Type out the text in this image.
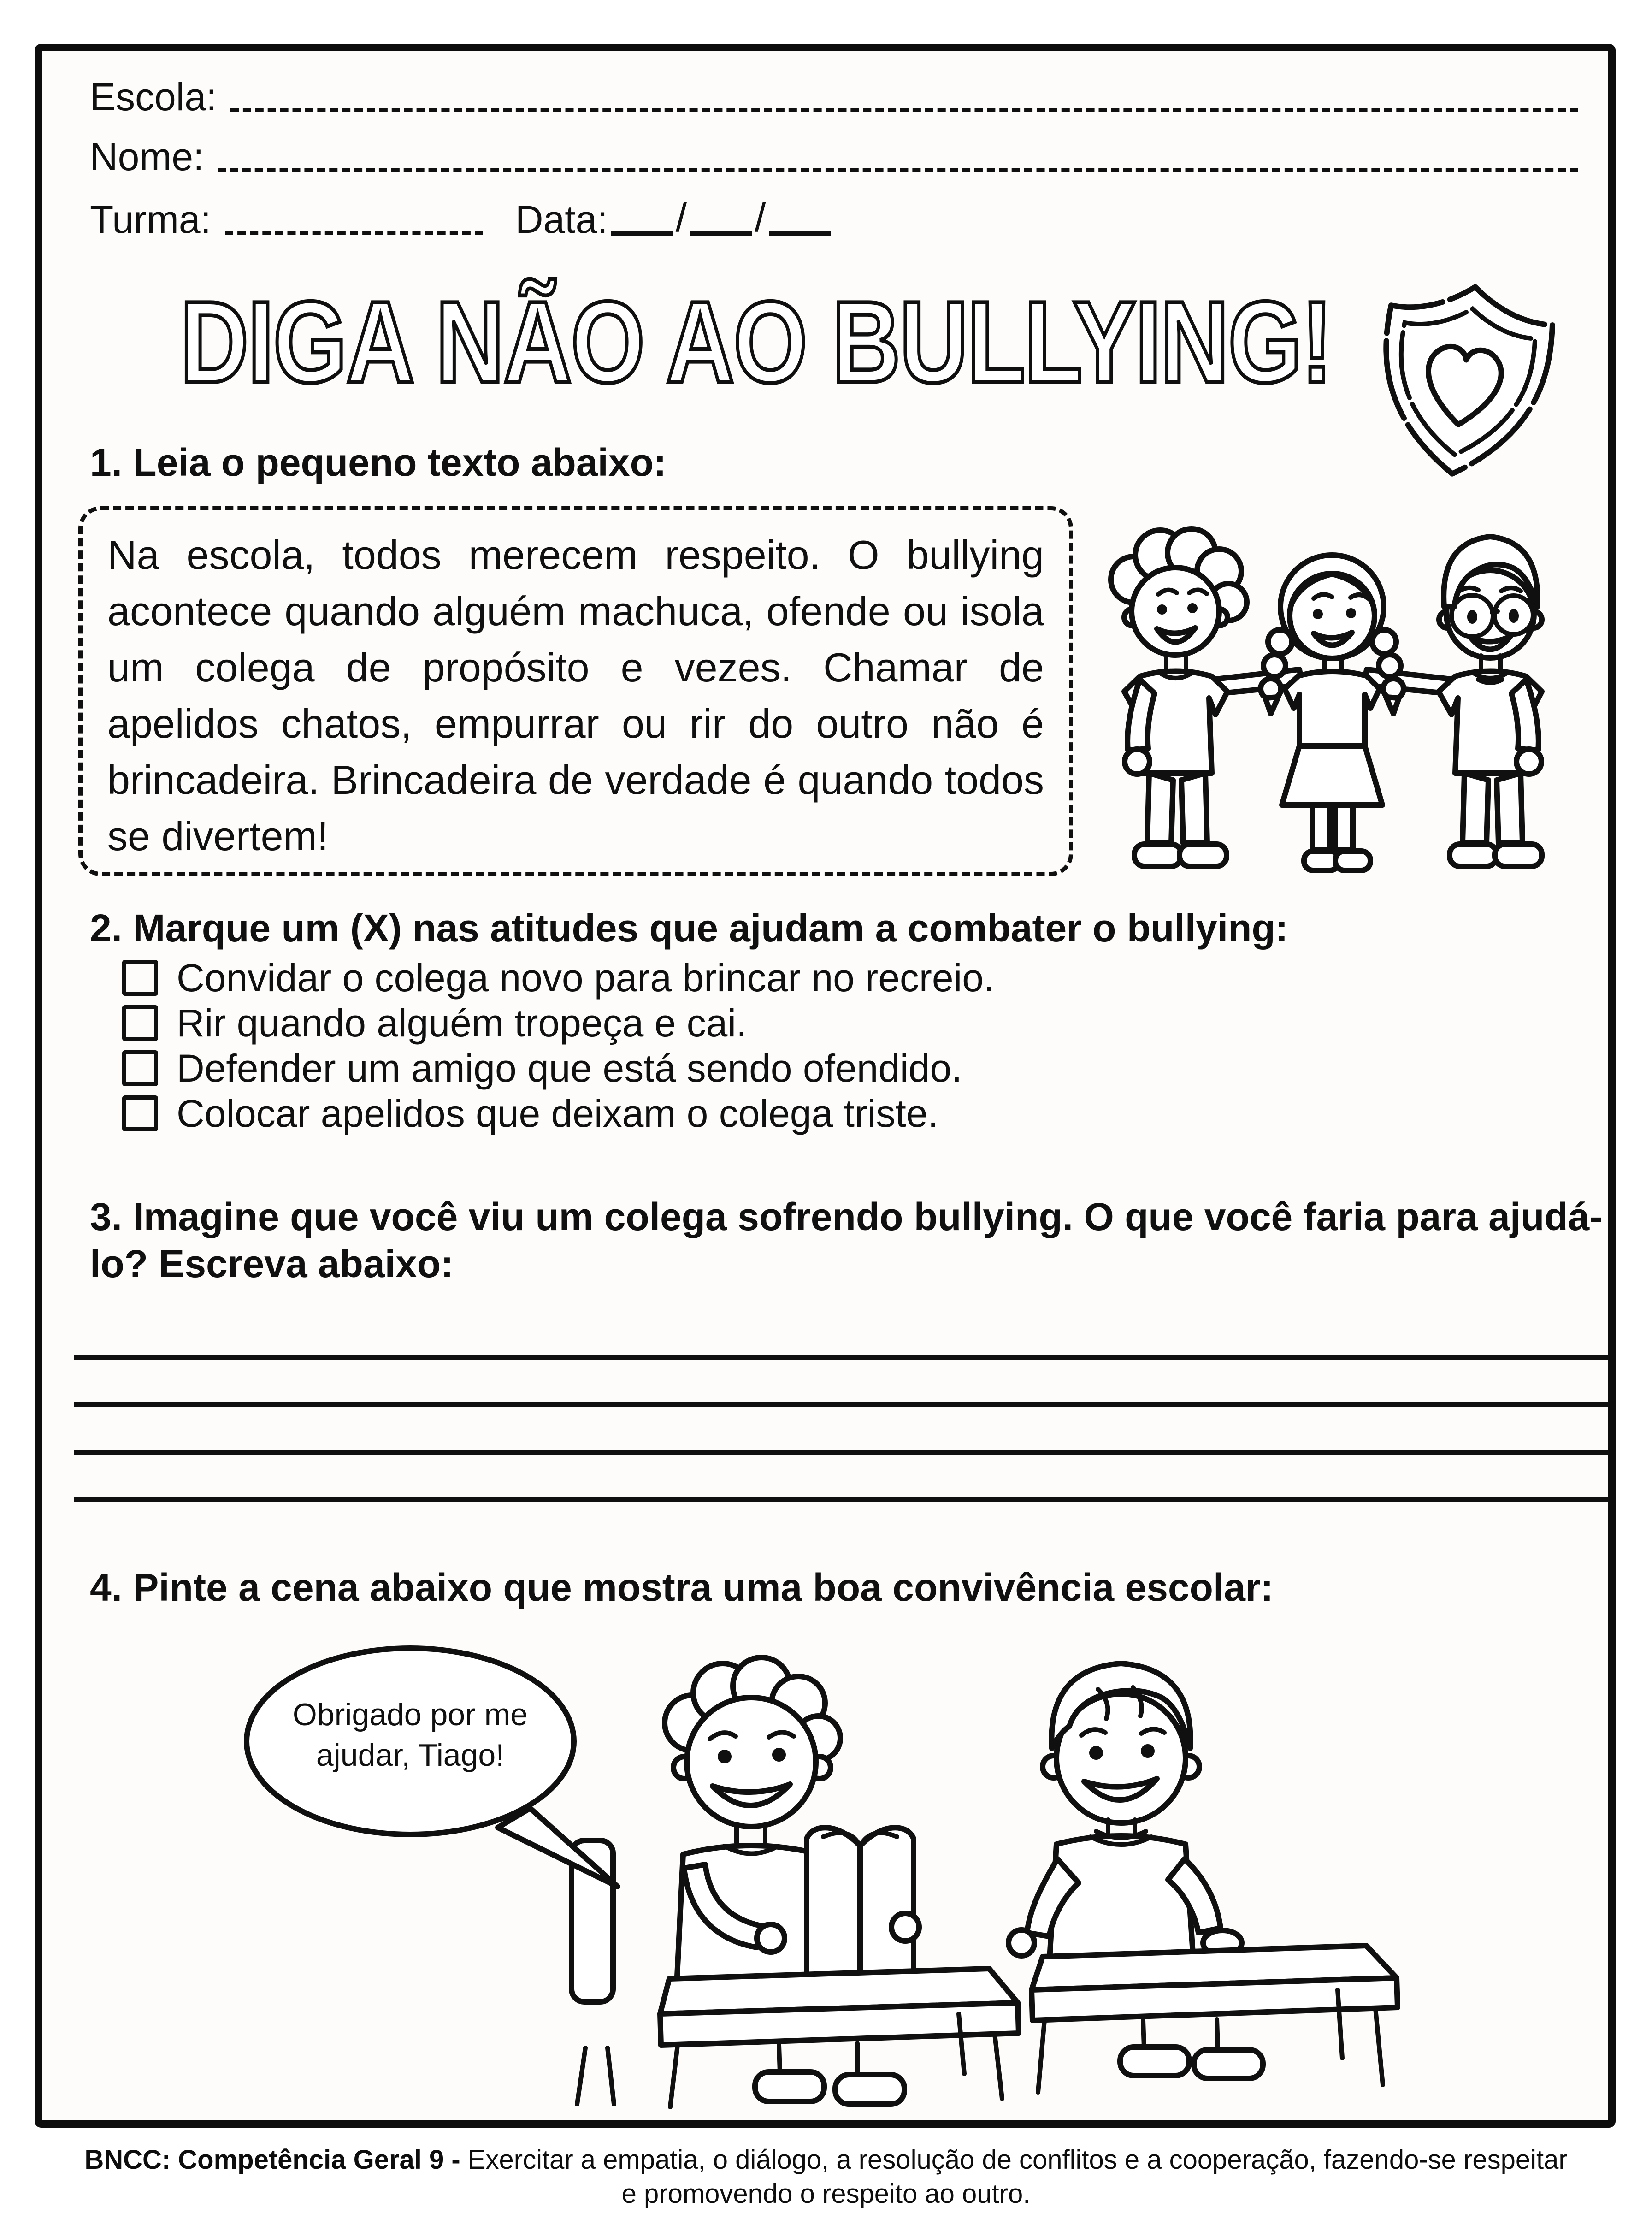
Escola:
Nome:
Turma:	Data: / /
DIGA NÃO AO BULLYING!
1. Leia o pequeno texto abaixo:

Na escola, todos merecem respeito. O bullying acontece quando alguém machuca, ofende ou isola um colega de propósito e vezes. Chamar de apelidos chatos, empurrar ou rir do outro não é brincadeira. Brincadeira de verdade é quando todos se divertem!

2. Marque um (X) nas atitudes que ajudam a combater o bullying:
Convidar o colega novo para brincar no recreio.
Rir quando alguém tropeça e cai.
Defender um amigo que está sendo ofendido.
Colocar apelidos que deixam o colega triste.
3. Imagine que você viu um colega sofrendo bullying. O que você faria para ajudá-lo? Escreva abaixo:
4. Pinte a cena abaixo que mostra uma boa convivência escolar:
Obrigado por me
ajudar, Tiago!
BNCC: Competência Geral 9 - Exercitar a empatia, o diálogo, a resolução de conflitos e a cooperação, fazendo-se respeitar e promovendo o respeito ao outro.
